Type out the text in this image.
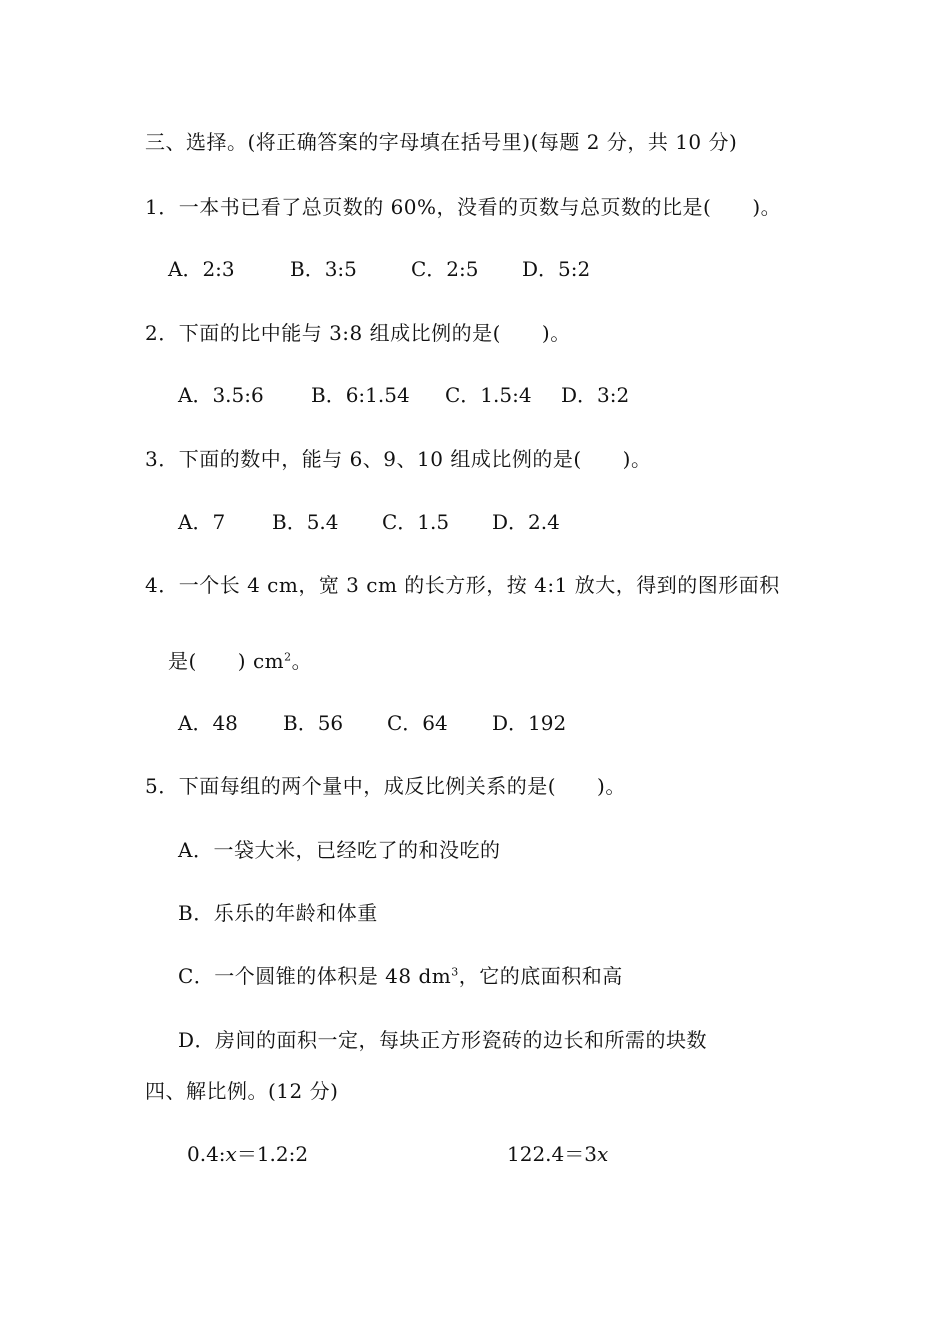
三、选择。(将正确答案的字母填在括号里)(每题 2 分，共 10 分)
1．一本书已看了总页数的 60%，没看的页数与总页数的比是(　　)。
A．2:3	B．3:5	C．2:5 D．5:2
2．下面的比中能与 3:8 组成比例的是(　　)。
A．3.5:6 B．6:1.54 C．1.5:4 D．3:2
3．下面的数中，能与 6、9、10 组成比例的是(　　)。
A．7 B．5.4 C．1.5 D．2.4
4．一个长 4 cm，宽 3 cm 的长方形，按 4:1 放大，得到的图形面积
是(　　) $cm^2$。
A．48 B．56 C．64 D．192
5．下面每组的两个量中，成反比例关系的是(　　)。
A．一袋大米，已经吃了的和没吃的
B．乐乐的年龄和体重
C．一个圆锥的体积是 48 $dm^3$，它的底面积和高
D．房间的面积一定，每块正方形瓷砖的边长和所需的块数
四、解比例。(12 分)
0.4:x＝1.2:2	122.4＝3x
